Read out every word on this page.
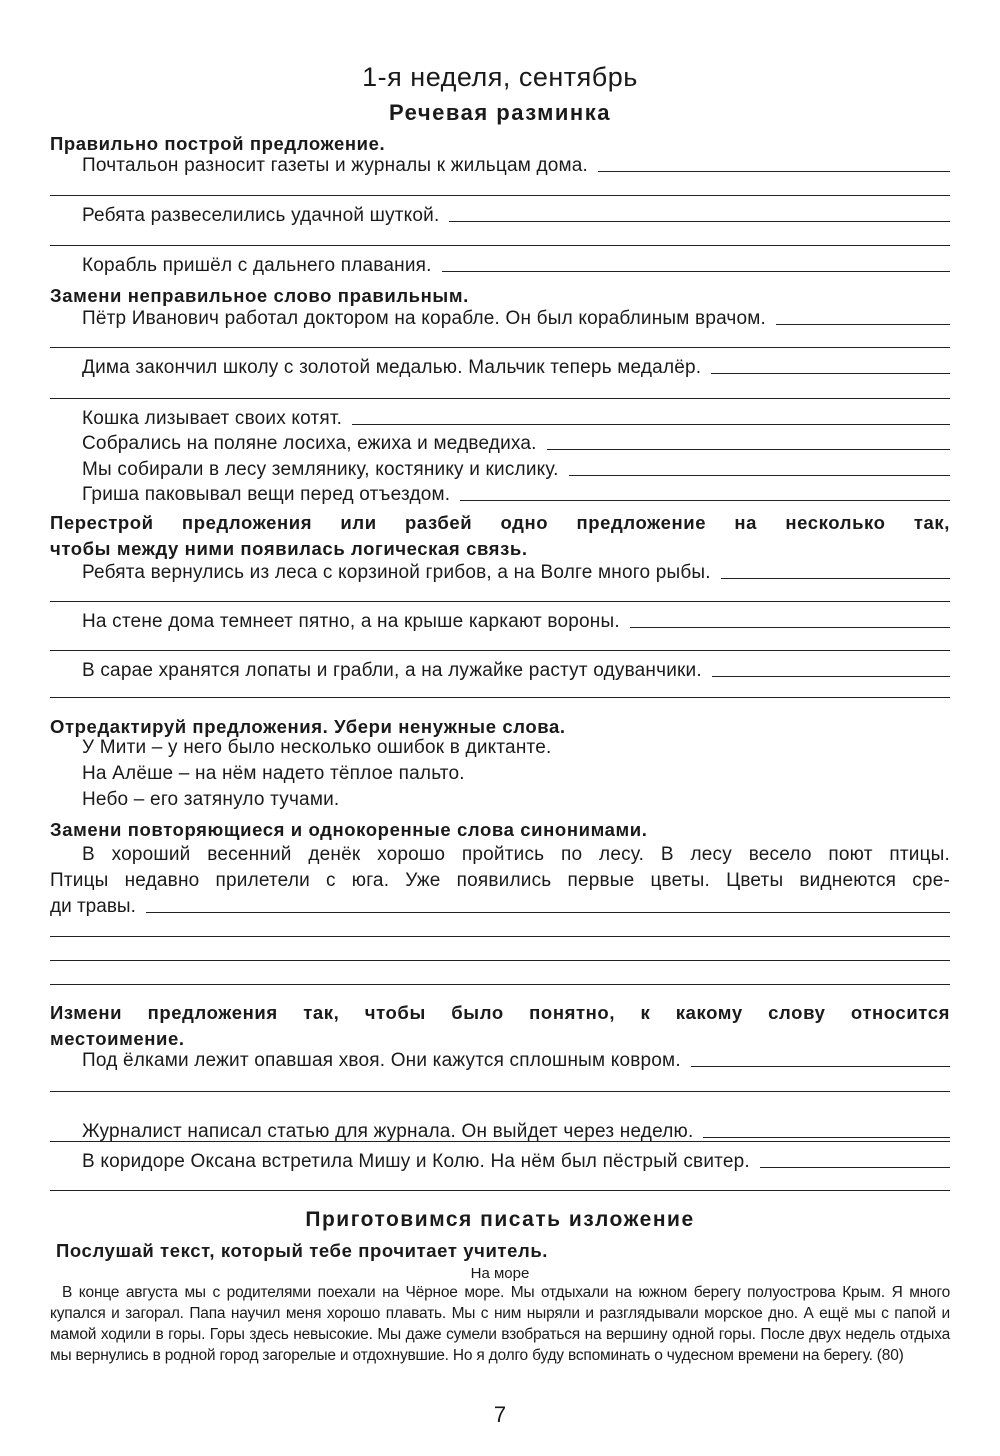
1-я неделя, сентябрь
Речевая разминка
Правильно построй предложение.
Почтальон разносит газеты и журналы к жильцам дома.
Ребята развеселились удачной шуткой.
Корабль пришёл с дальнего плавания.
Замени неправильное слово правильным.
Пётр Иванович работал доктором на корабле. Он был кораблиным врачом.
Дима закончил школу с золотой медалью. Мальчик теперь медалёр.
Кошка лизывает своих котят.
Собрались на поляне лосиха, ежиха и медведиха.
Мы собирали в лесу землянику, костянику и кислику.
Гриша паковывал вещи перед отъездом.
Перестрой предложения или разбей одно предложение на несколько так,
чтобы между ними появилась логическая связь.
Ребята вернулись из леса с корзиной грибов, а на Волге много рыбы.
На стене дома темнеет пятно, а на крыше каркают вороны.
В сарае хранятся лопаты и грабли, а на лужайке растут одуванчики.
Отредактируй предложения. Убери ненужные слова.
У Мити – у него было несколько ошибок в диктанте.
На Алёше – на нём надето тёплое пальто.
Небо – его затянуло тучами.
Замени повторяющиеся и однокоренные слова синонимами.
В хороший весенний денёк хорошо пройтись по лесу. В лесу весело поют птицы.
Птицы недавно прилетели с юга. Уже появились первые цветы. Цветы виднеются сре-
ди травы.
Измени предложения так, чтобы было понятно, к какому слову относится
местоимение.
Под ёлками лежит опавшая хвоя. Они кажутся сплошным ковром.
Журналист написал статью для журнала. Он выйдет через неделю.
В коридоре Оксана встретила Мишу и Колю. На нём был пёстрый свитер.
Приготовимся писать изложение
Послушай текст, который тебе прочитает учитель.
На море
В конце августа мы с родителями поехали на Чёрное море. Мы отдыхали на южном берегу полуострова Крым. Я много купался и загорал. Папа научил меня хорошо плавать. Мы с ним ныряли и разглядывали морское дно. А ещё мы с папой и мамой ходили в горы. Горы здесь невысокие. Мы даже сумели взобраться на вершину одной горы. После двух недель отдыха мы вернулись в родной город загорелые и отдохнувшие. Но я долго буду вспоминать о чудесном времени на берегу. (80)
7
